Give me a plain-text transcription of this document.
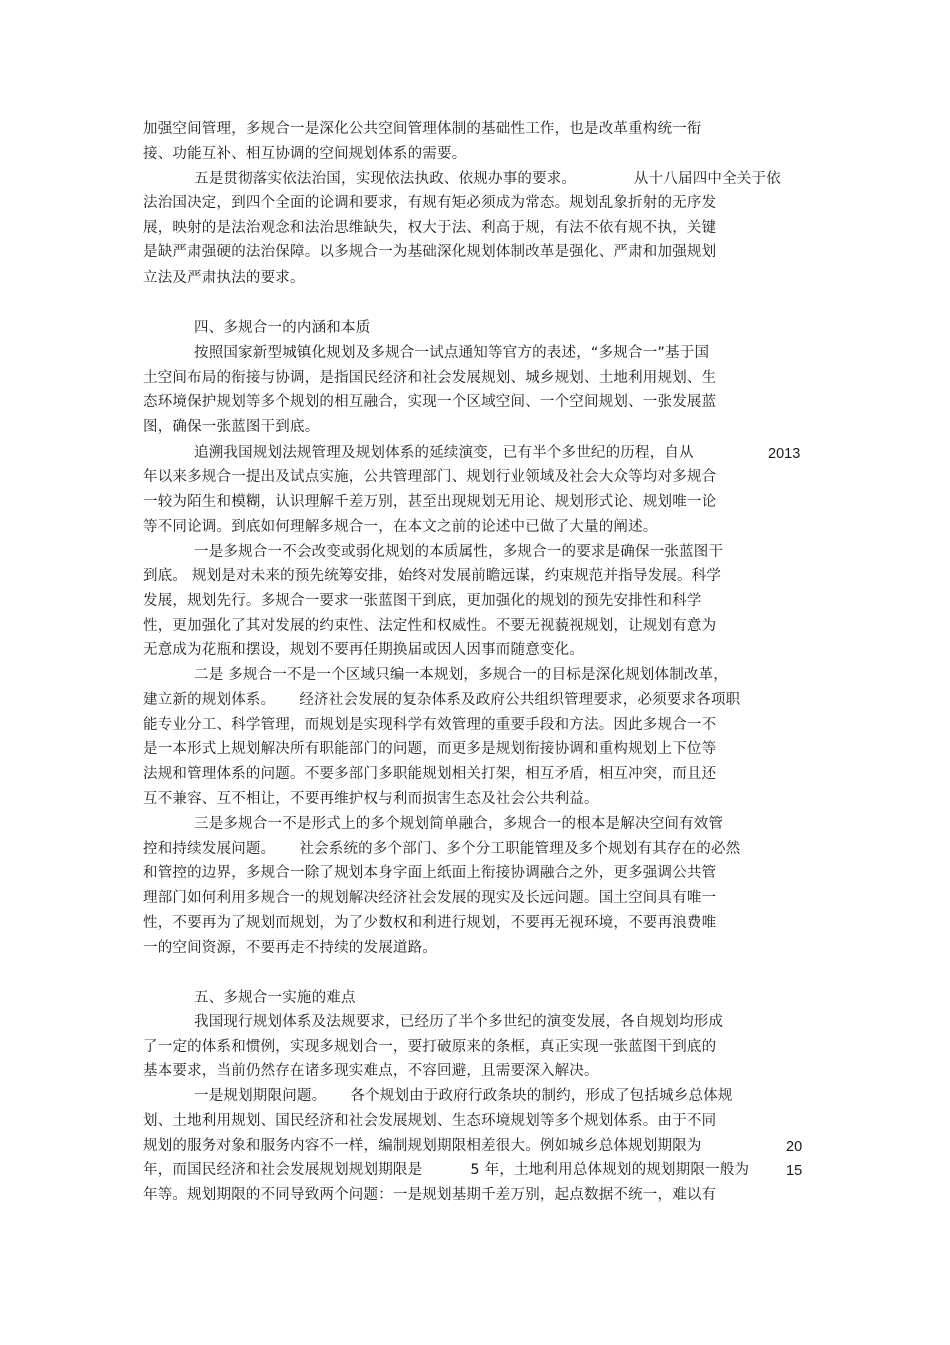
加强空间管理，多规合一是深化公共空间管理体制的基础性工作，也是改革重构统一衔
接、功能互补、相互协调的空间规划体系的需要。
五是贯彻落实依法治国，实现依法执政、依规办事的要求。            从十八届四中全关于依
法治国决定，到四个全面的论调和要求，有规有矩必须成为常态。规划乱象折射的无序发
展，映射的是法治观念和法治思维缺失，权大于法、利高于规，有法不依有规不执，关键
是缺严肃强硬的法治保障。以多规合一为基础深化规划体制改革是强化、严肃和加强规划
立法及严肃执法的要求。
四、多规合一的内涵和本质
按照国家新型城镇化规划及多规合一试点通知等官方的表述，“多规合一”基于国
土空间布局的衔接与协调，是指国民经济和社会发展规划、城乡规划、土地利用规划、生
态环境保护规划等多个规划的相互融合，实现一个区域空间、一个空间规划、一张发展蓝
图，确保一张蓝图干到底。
追溯我国规划法规管理及规划体系的延续演变，已有半个多世纪的历程，自从	2013
年以来多规合一提出及试点实施，公共管理部门、规划行业领域及社会大众等均对多规合
一较为陌生和模糊，认识理解千差万别，甚至出现规划无用论、规划形式论、规划唯一论
等不同论调。到底如何理解多规合一，在本文之前的论述中已做了大量的阐述。
一是多规合一不会改变或弱化规划的本质属性，多规合一的要求是确保一张蓝图干
到底。 规划是对未来的预先统筹安排，始终对发展前瞻远谋，约束规范并指导发展。科学
发展，规划先行。多规合一要求一张蓝图干到底，更加强化的规划的预先安排性和科学
性，更加强化了其对发展的约束性、法定性和权威性。不要无视藐视规划，让规划有意为
无意成为花瓶和摆设，规划不要再任期换届或因人因事而随意变化。
二是 多规合一不是一个区域只编一本规划，多规合一的目标是深化规划体制改革，
建立新的规划体系。     经济社会发展的复杂体系及政府公共组织管理要求，必须要求各项职
能专业分工、科学管理，而规划是实现科学有效管理的重要手段和方法。因此多规合一不
是一本形式上规划解决所有职能部门的问题，而更多是规划衔接协调和重构规划上下位等
法规和管理体系的问题。不要多部门多职能规划相关打架，相互矛盾，相互冲突，而且还
互不兼容、互不相让，不要再维护权与利而损害生态及社会公共利益。
三是多规合一不是形式上的多个规划简单融合，多规合一的根本是解决空间有效管
控和持续发展问题。     社会系统的多个部门、多个分工职能管理及多个规划有其存在的必然
和管控的边界，多规合一除了规划本身字面上纸面上衔接协调融合之外，更多强调公共管
理部门如何利用多规合一的规划解决经济社会发展的现实及长远问题。国土空间具有唯一
性，不要再为了规划而规划，为了少数权和利进行规划，不要再无视环境，不要再浪费唯
一的空间资源，不要再走不持续的发展道路。
五、多规合一实施的难点
我国现行规划体系及法规要求，已经历了半个多世纪的演变发展，各自规划均形成
了一定的体系和惯例，实现多规划合一，要打破原来的条框，真正实现一张蓝图干到底的
基本要求，当前仍然存在诸多现实难点，不容回避，且需要深入解决。
一是规划期限问题。     各个规划由于政府行政条块的制约，形成了包括城乡总体规
划、土地利用规划、国民经济和社会发展规划、生态环境规划等多个规划体系。由于不同
规划的服务对象和服务内容不一样，编制规划期限相差很大。例如城乡总体规划期限为	20
年，而国民经济和社会发展规划规划期限是          5 年，土地利用总体规划的规划期限一般为	15
年等。规划期限的不同导致两个问题：一是规划基期千差万别，起点数据不统一，难以有
